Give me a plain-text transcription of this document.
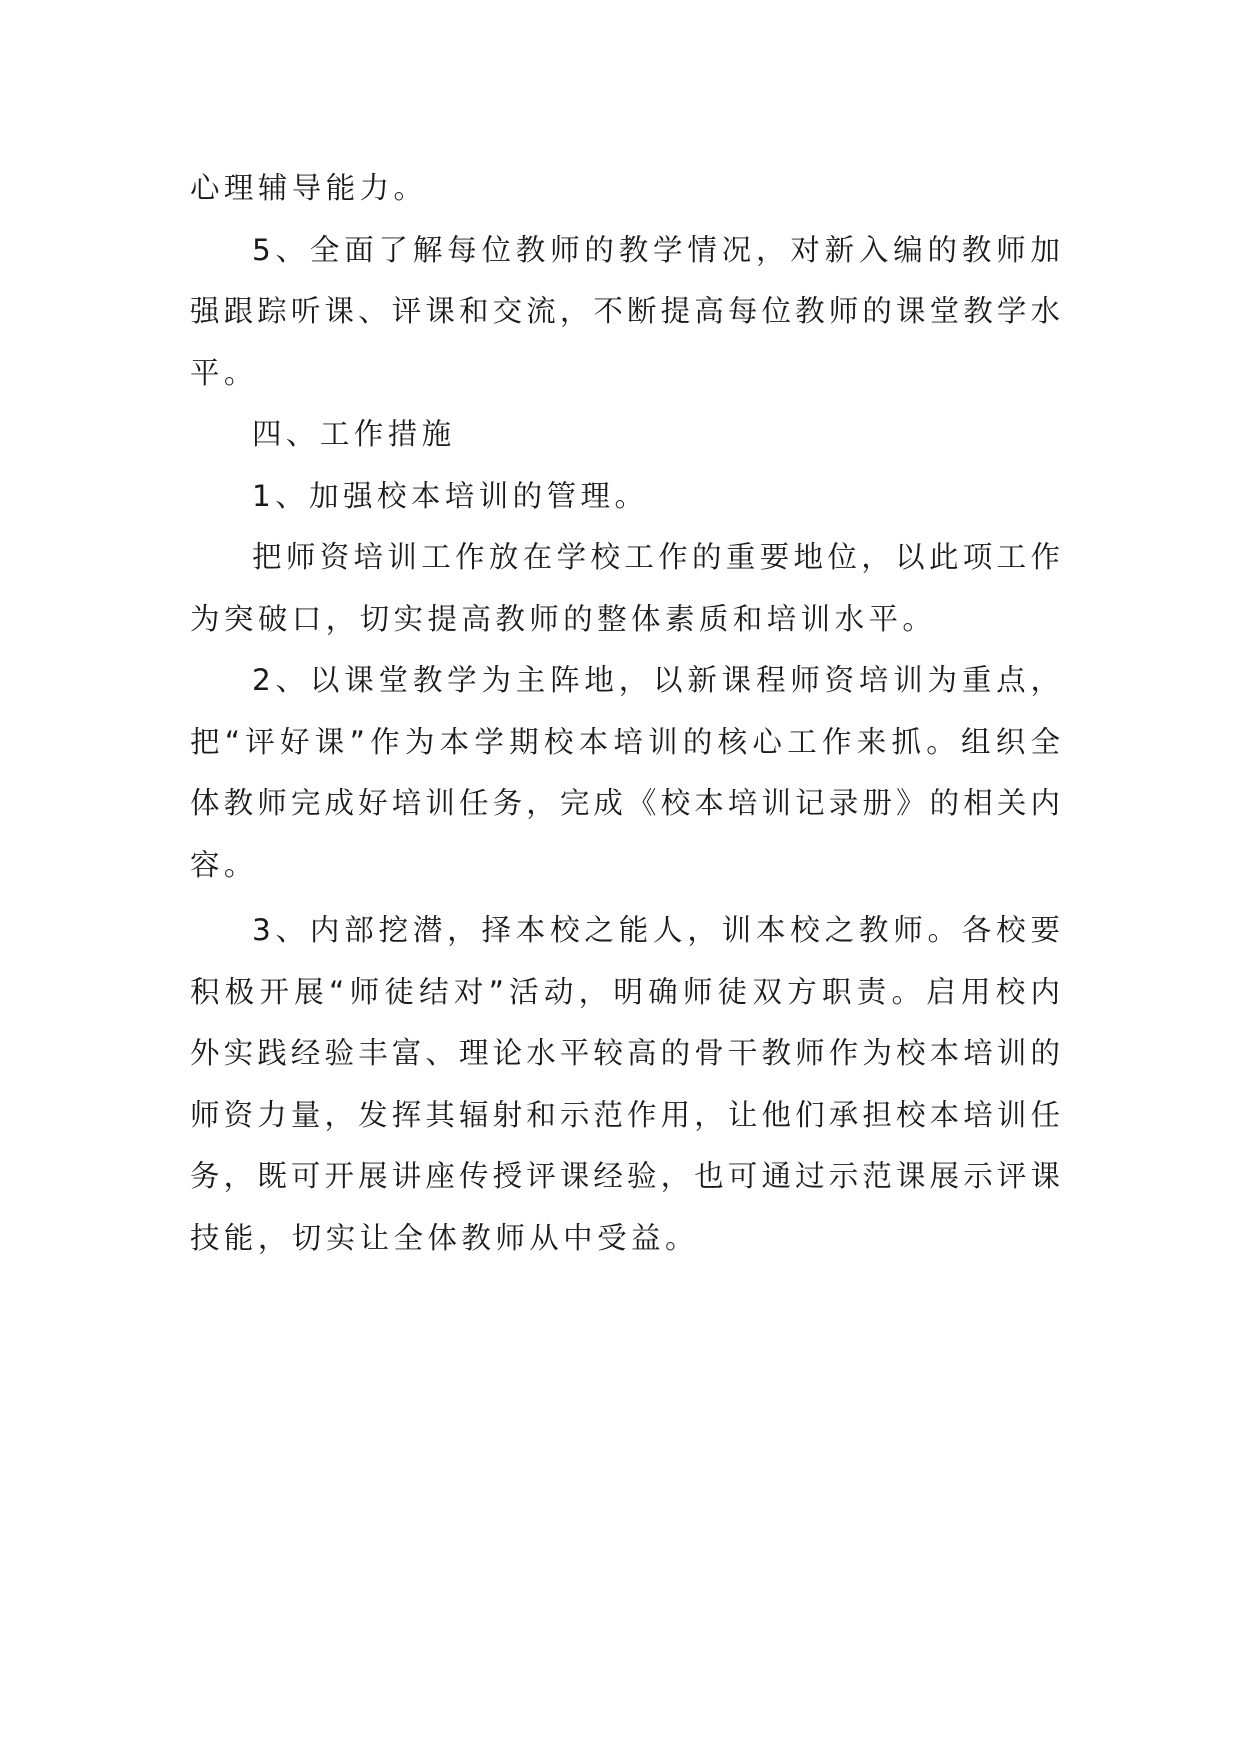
心理辅导能力。
5、全面了解每位教师的教学情况，对新入编的教师加
强跟踪听课、评课和交流，不断提高每位教师的课堂教学水
平。
四、工作措施
1、加强校本培训的管理。
把师资培训工作放在学校工作的重要地位，以此项工作
为突破口，切实提高教师的整体素质和培训水平。
2、以课堂教学为主阵地，以新课程师资培训为重点，
把“评好课”作为本学期校本培训的核心工作来抓。组织全
体教师完成好培训任务，完成《校本培训记录册》的相关内
容。
3、内部挖潜，择本校之能人，训本校之教师。各校要
积极开展“师徒结对”活动，明确师徒双方职责。启用校内
外实践经验丰富、理论水平较高的骨干教师作为校本培训的
师资力量，发挥其辐射和示范作用，让他们承担校本培训任
务，既可开展讲座传授评课经验，也可通过示范课展示评课
技能，切实让全体教师从中受益。
